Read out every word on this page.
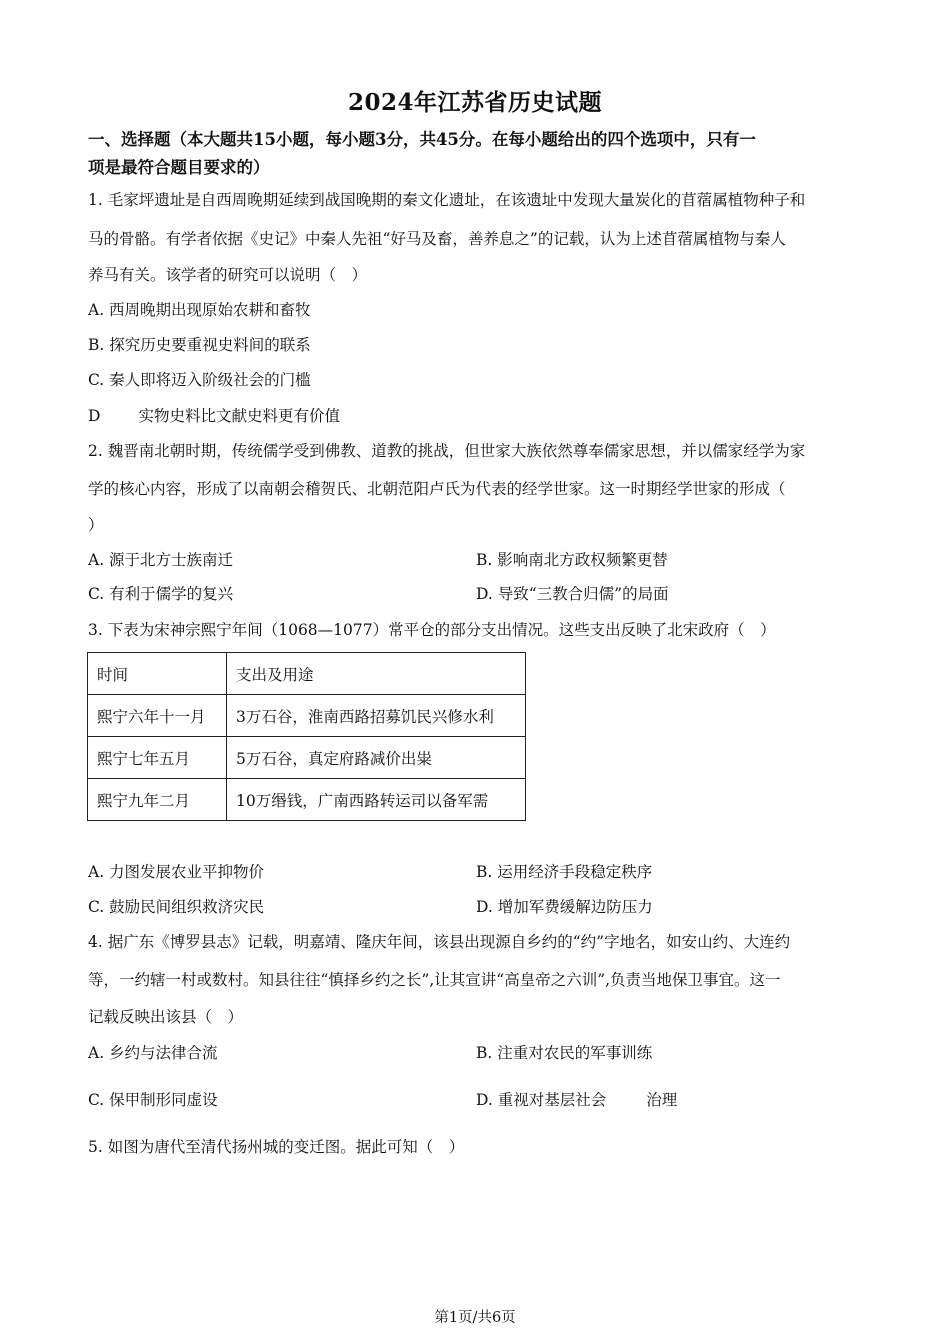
2024年江苏省历史试题
一、选择题（本大题共15小题，每小题3分，共45分。在每小题给出的四个选项中，只有一
项是最符合题目要求的）
1. 毛家坪遗址是自西周晚期延续到战国晚期的秦文化遗址，在该遗址中发现大量炭化的苜蓿属植物种子和
马的骨骼。有学者依据《史记》中秦人先祖“好马及畜，善养息之”的记载，认为上述苜蓿属植物与秦人
养马有关。该学者的研究可以说明（　）
A. 西周晚期出现原始农耕和畜牧
B. 探究历史要重视史料间的联系
C. 秦人即将迈入阶级社会的门槛
D 实物史料比文献史料更有价值
2. 魏晋南北朝时期，传统儒学受到佛教、道教的挑战，但世家大族依然尊奉儒家思想，并以儒家经学为家
学的核心内容，形成了以南朝会稽贺氏、北朝范阳卢氏为代表的经学世家。这一时期经学世家的形成（
）
A. 源于北方士族南迁	B. 影响南北方政权频繁更替
C. 有利于儒学的复兴	D. 导致“三教合归儒”的局面
3. 下表为宋神宗熙宁年间（1068—1077）常平仓的部分支出情况。这些支出反映了北宋政府（　）
时间	支出及用途
熙宁六年十一月	3万石谷，淮南西路招募饥民兴修水利
熙宁七年五月	5万石谷，真定府路减价出粜
熙宁九年二月	10万缗钱，广南西路转运司以备军需
A. 力图发展农业平抑物价	B. 运用经济手段稳定秩序
C. 鼓励民间组织救济灾民	D. 增加军费缓解边防压力
4. 据广东《博罗县志》记载，明嘉靖、隆庆年间，该县出现源自乡约的“约”字地名，如安山约、大连约
等，一约辖一村或数村。知县往往“慎择乡约之长”,让其宣讲“高皇帝之六训”,负责当地保卫事宜。这一
记载反映出该县（　）
A. 乡约与法律合流	B. 注重对农民的军事训练
C. 保甲制形同虚设	D. 重视对基层社会	治理
5. 如图为唐代至清代扬州城的变迁图。据此可知（　）
第1页/共6页
